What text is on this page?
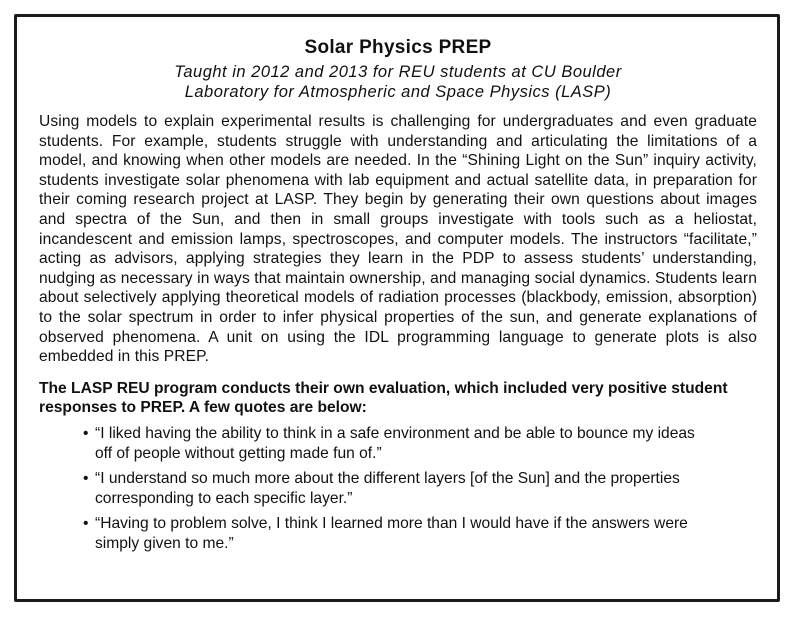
Solar Physics PREP

Taught in 2012 and 2013 for REU students at CU Boulder

Laboratory for Atmospheric and Space Physics (LASP)

Using models to explain experimental results is challenging for undergraduates and even graduate students. For example, students struggle with understanding and articulating the limitations of a model, and knowing when other models are needed. In the “Shining Light on the Sun” inquiry activity, students investigate solar phenomena with lab equipment and actual satellite data, in preparation for their coming research project at LASP. They begin by generating their own questions about images and spectra of the Sun, and then in small groups investigate with tools such as a heliostat, incandescent and emission lamps, spectroscopes, and computer models. The instructors “facilitate,” acting as advisors, applying strategies they learn in the PDP to assess students’ understanding, nudging as necessary in ways that maintain ownership, and managing social dynamics. Students learn about selectively applying theoretical models of radiation processes (blackbody, emission, absorption) to the solar spectrum in order to infer physical properties of the sun, and generate explanations of observed phenomena. A unit on using the IDL programming language to generate plots is also embedded in this PREP.

The LASP REU program conducts their own evaluation, which included very positive student responses to PREP. A few quotes are below:

• “I liked having the ability to think in a safe environment and be able to bounce my ideas off of people without getting made fun of.”
• “I understand so much more about the different layers [of the Sun] and the properties corresponding to each specific layer.”
• “Having to problem solve, I think I learned more than I would have if the answers were simply given to me.”
